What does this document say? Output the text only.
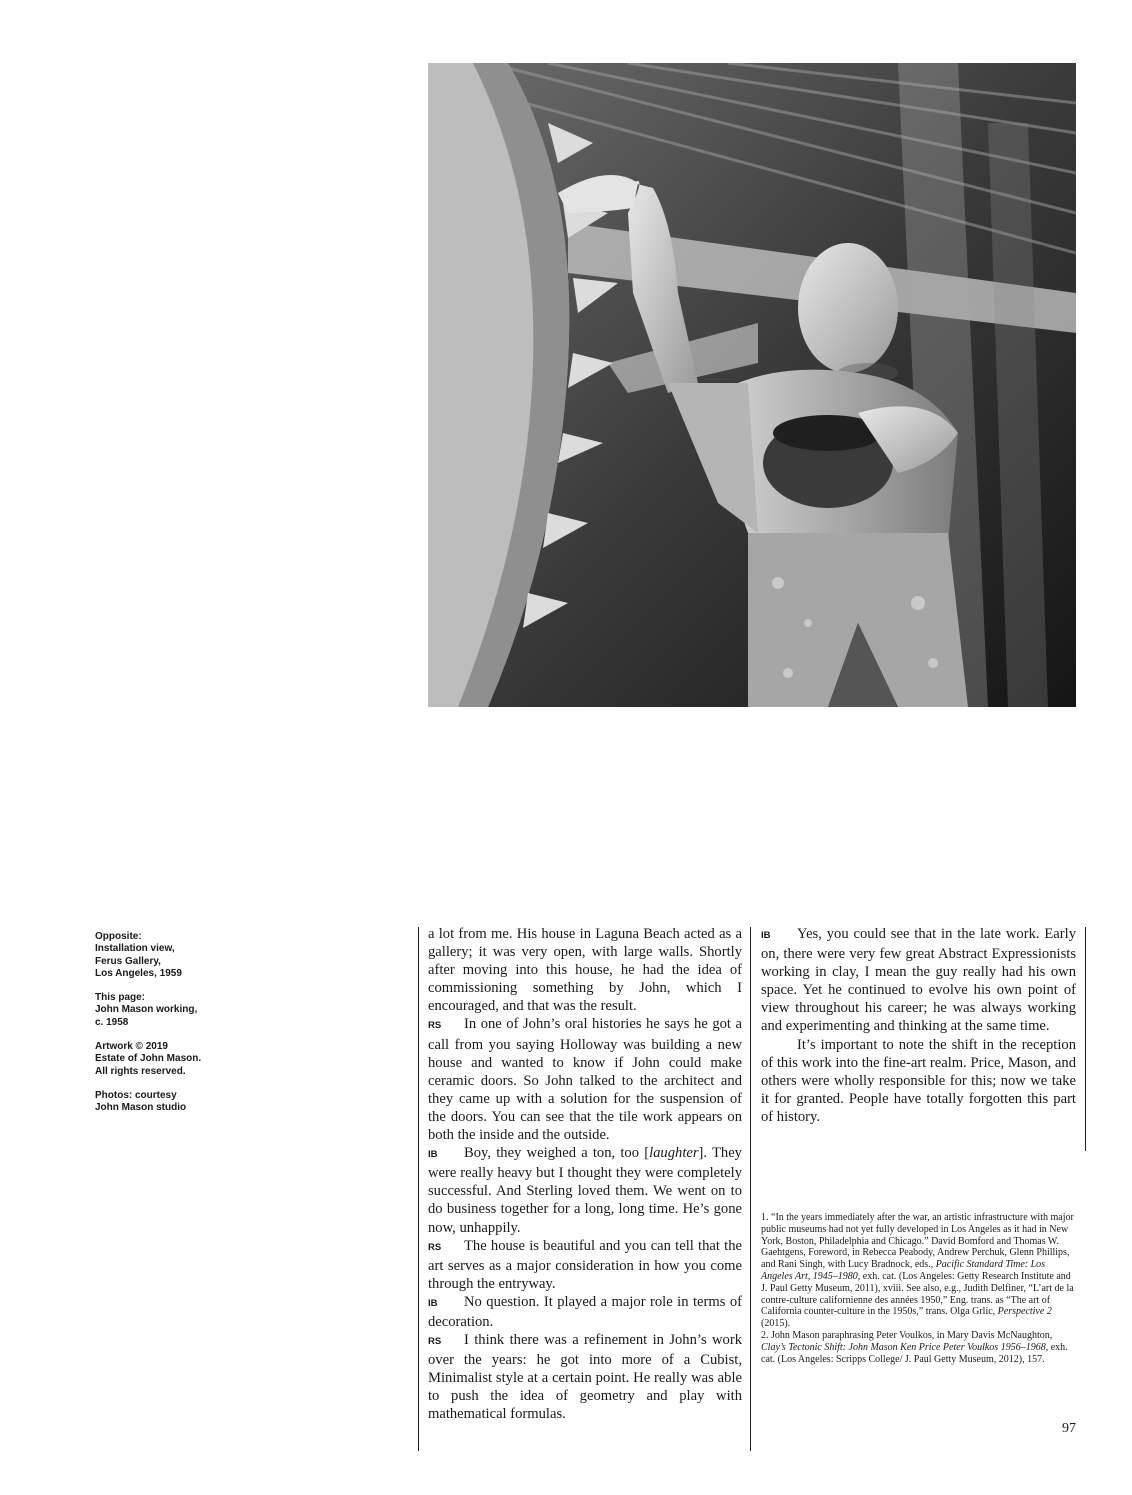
Opposite:
Installation view,
Ferus Gallery,
Los Angeles, 1959
This page:
John Mason working,
c. 1958
Artwork © 2019
Estate of John Mason.
All rights reserved.
Photos: courtesy
John Mason studio

a lot from me. His house in Laguna Beach acted as a gallery; it was very open, with large walls. Shortly after moving into this house, he had the idea of commissioning something by John, which I encouraged, and that was the result.

RS In one of John’s oral histories he says he got a call from you saying Holloway was building a new house and wanted to know if John could make ceramic doors. So John talked to the architect and they came up with a solution for the suspension of the doors. You can see that the tile work appears on both the inside and the outside.

IB Boy, they weighed a ton, too [laughter]. They were really heavy but I thought they were completely successful. And Sterling loved them. We went on to do business together for a long, long time. He’s gone now, unhappily.

RS The house is beautiful and you can tell that the art serves as a major consideration in how you come through the entryway.

IB No question. It played a major role in terms of decoration.

RS I think there was a refinement in John’s work over the years: he got into more of a Cubist, Minimalist style at a certain point. He really was able to push the idea of geometry and play with mathematical formulas.

IB Yes, you could see that in the late work. Early on, there were very few great Abstract Expressionists working in clay, I mean the guy really had his own space. Yet he continued to evolve his own point of view throughout his career; he was always working and experimenting and thinking at the same time.

It’s important to note the shift in the reception of this work into the fine-art realm. Price, Mason, and others were wholly responsible for this; now we take it for granted. People have totally forgotten this part of history.

1. “In the years immediately after the war, an artistic infrastructure with major public museums had not yet fully developed in Los Angeles as it had in New York, Boston, Philadelphia and Chicago.” David Bomford and Thomas W. Gaehtgens, Foreword, in Rebecca Peabody, Andrew Perchuk, Glenn Phillips, and Rani Singh, with Lucy Bradnock, eds., Pacific Standard Time: Los Angeles Art, 1945–1980, exh. cat. (Los Angeles: Getty Research Institute and J. Paul Getty Museum, 2011), xviii. See also, e.g., Judith Delfiner, “L’art de la contre-culture californienne des années 1950,” Eng. trans. as “The art of California counter-culture in the 1950s,” trans. Olga Grlic, Perspective 2 (2015).

2. John Mason paraphrasing Peter Voulkos, in Mary Davis McNaughton, Clay’s Tectonic Shift: John Mason Ken Price Peter Voulkos 1956–1968, exh. cat. (Los Angeles: Scripps College/ J. Paul Getty Museum, 2012), 157.

97
